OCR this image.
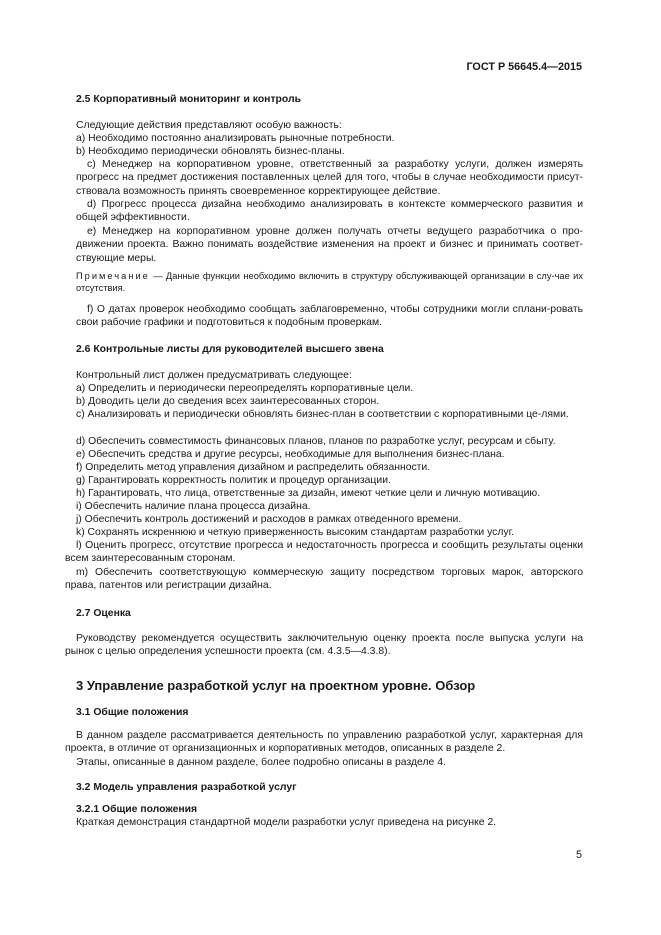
ГОСТ Р 56645.4—2015
2.5 Корпоративный мониторинг и контроль
Следующие действия представляют особую важность:
а) Необходимо постоянно анализировать рыночные потребности.
b) Необходимо периодически обновлять бизнес-планы.
с) Менеджер на корпоративном уровне, ответственный за разработку услуги, должен измерять прогресс на предмет достижения поставленных целей для того, чтобы в случае необходимости присут-ствовала возможность принять своевременное корректирующее действие.
d) Прогресс процесса дизайна необходимо анализировать в контексте коммерческого развития и общей эффективности.
е) Менеджер на корпоративном уровне должен получать отчеты ведущего разработчика о про-движении проекта. Важно понимать воздействие изменения на проект и бизнес и принимать соответ-ствующие меры.
Примечание — Данные функции необходимо включить в структуру обслуживающей организации в слу-чае их отсутствия.
f) О датах проверок необходимо сообщать заблаговременно, чтобы сотрудники могли сплани-ровать свои рабочие графики и подготовиться к подобным проверкам.
2.6 Контрольные листы для руководителей высшего звена
Контрольный лист должен предусматривать следующее:
а) Определить и периодически переопределять корпоративные цели.
b) Доводить цели до сведения всех заинтересованных сторон.
с) Анализировать и периодически обновлять бизнес-план в соответствии с корпоративными це-лями.
d) Обеспечить совместимость финансовых планов, планов по разработке услуг, ресурсам и сбыту.
е) Обеспечить средства и другие ресурсы, необходимые для выполнения бизнес-плана.
f) Определить метод управления дизайном и распределить обязанности.
g) Гарантировать корректность политик и процедур организации.
h) Гарантировать, что лица, ответственные за дизайн, имеют четкие цели и личную мотивацию.
i) Обеспечить наличие плана процесса дизайна.
j) Обеспечить контроль достижений и расходов в рамках отведенного времени.
k) Сохранять искреннюю и четкую приверженность высоким стандартам разработки услуг.
l) Оценить прогресс, отсутствие прогресса и недостаточность прогресса и сообщить результаты оценки всем заинтересованным сторонам.
m) Обеспечить соответствующую коммерческую защиту посредством торговых марок, авторского права, патентов или регистрации дизайна.
2.7 Оценка
Руководству рекомендуется осуществить заключительную оценку проекта после выпуска услуги на рынок с целью определения успешности проекта (см. 4.3.5—4.3.8).
3 Управление разработкой услуг на проектном уровне. Обзор
3.1 Общие положения
В данном разделе рассматривается деятельность по управлению разработкой услуг, характерная для проекта, в отличие от организационных и корпоративных методов, описанных в разделе 2.
Этапы, описанные в данном разделе, более подробно описаны в разделе 4.
3.2 Модель управления разработкой услуг
3.2.1 Общие положения
Краткая демонстрация стандартной модели разработки услуг приведена на рисунке 2.
5
